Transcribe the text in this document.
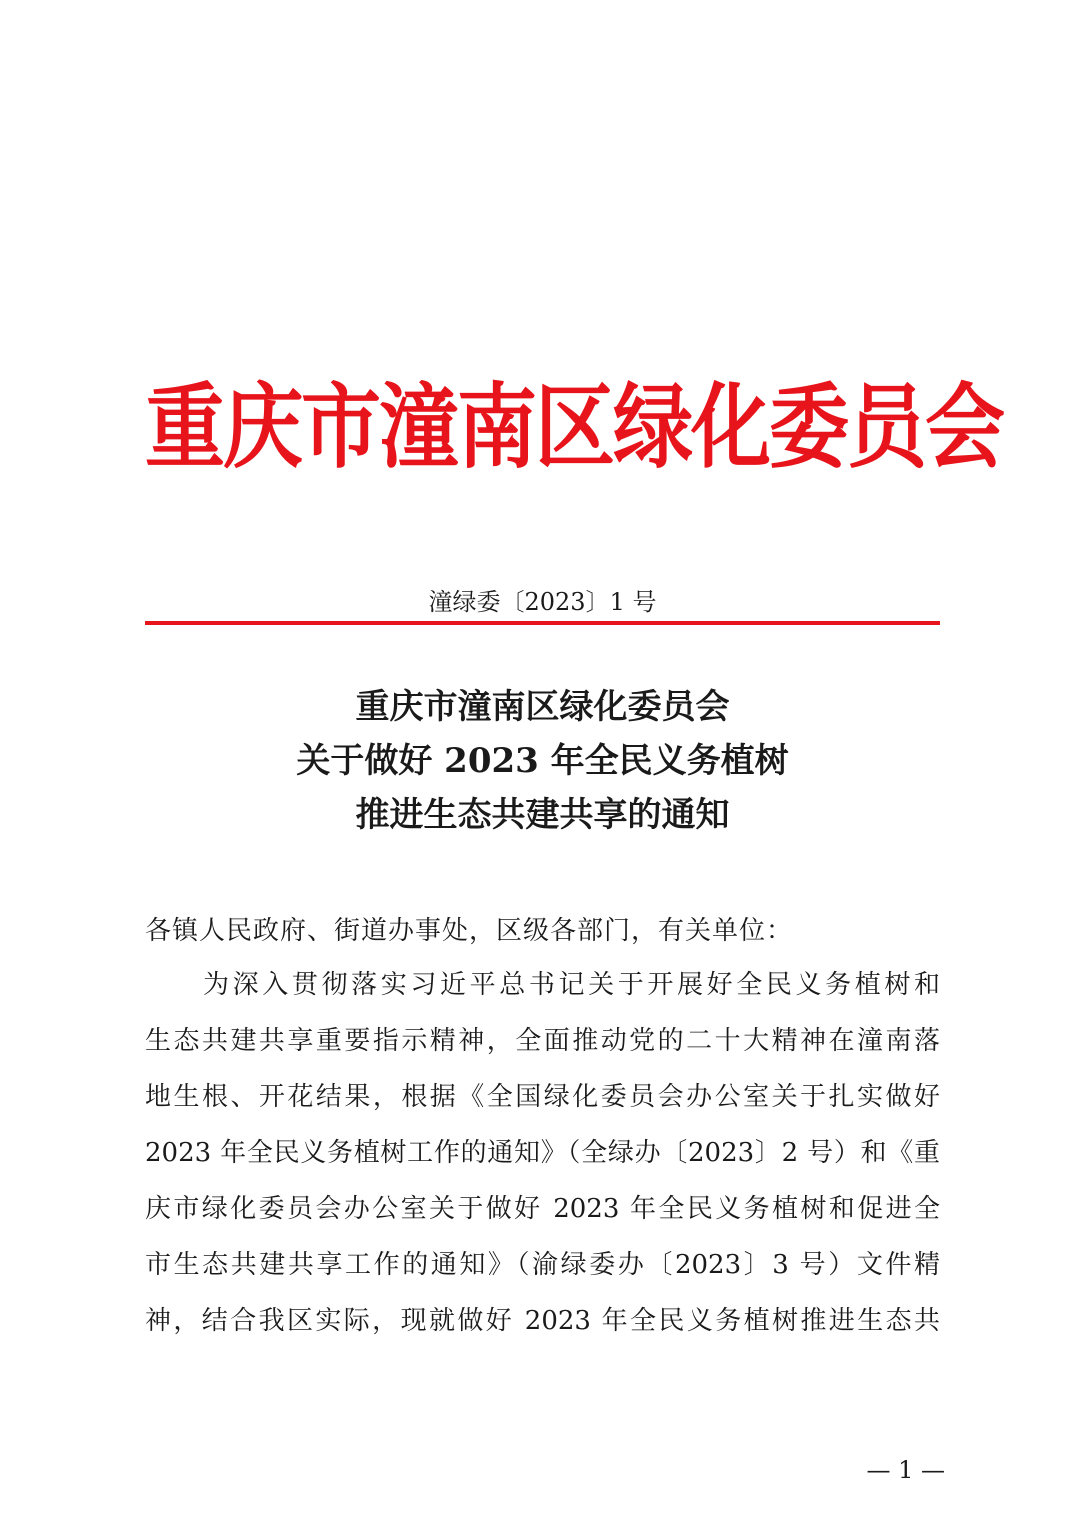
重庆市潼南区绿化委员会
潼绿委〔2023〕1 号
重庆市潼南区绿化委员会
关于做好 2023 年全民义务植树
推进生态共建共享的通知
各镇人民政府、街道办事处，区级各部门，有关单位：
为深入贯彻落实习近平总书记关于开展好全民义务植树和
生态共建共享重要指示精神，全面推动党的二十大精神在潼南落
地生根、开花结果，根据《全国绿化委员会办公室关于扎实做好
2023 年全民义务植树工作的通知》（全绿办〔2023〕2 号）和《重
庆市绿化委员会办公室关于做好 2023 年全民义务植树和促进全
市生态共建共享工作的通知》（渝绿委办〔2023〕3 号）文件精
神，结合我区实际，现就做好 2023 年全民义务植树推进生态共
— 1 —
